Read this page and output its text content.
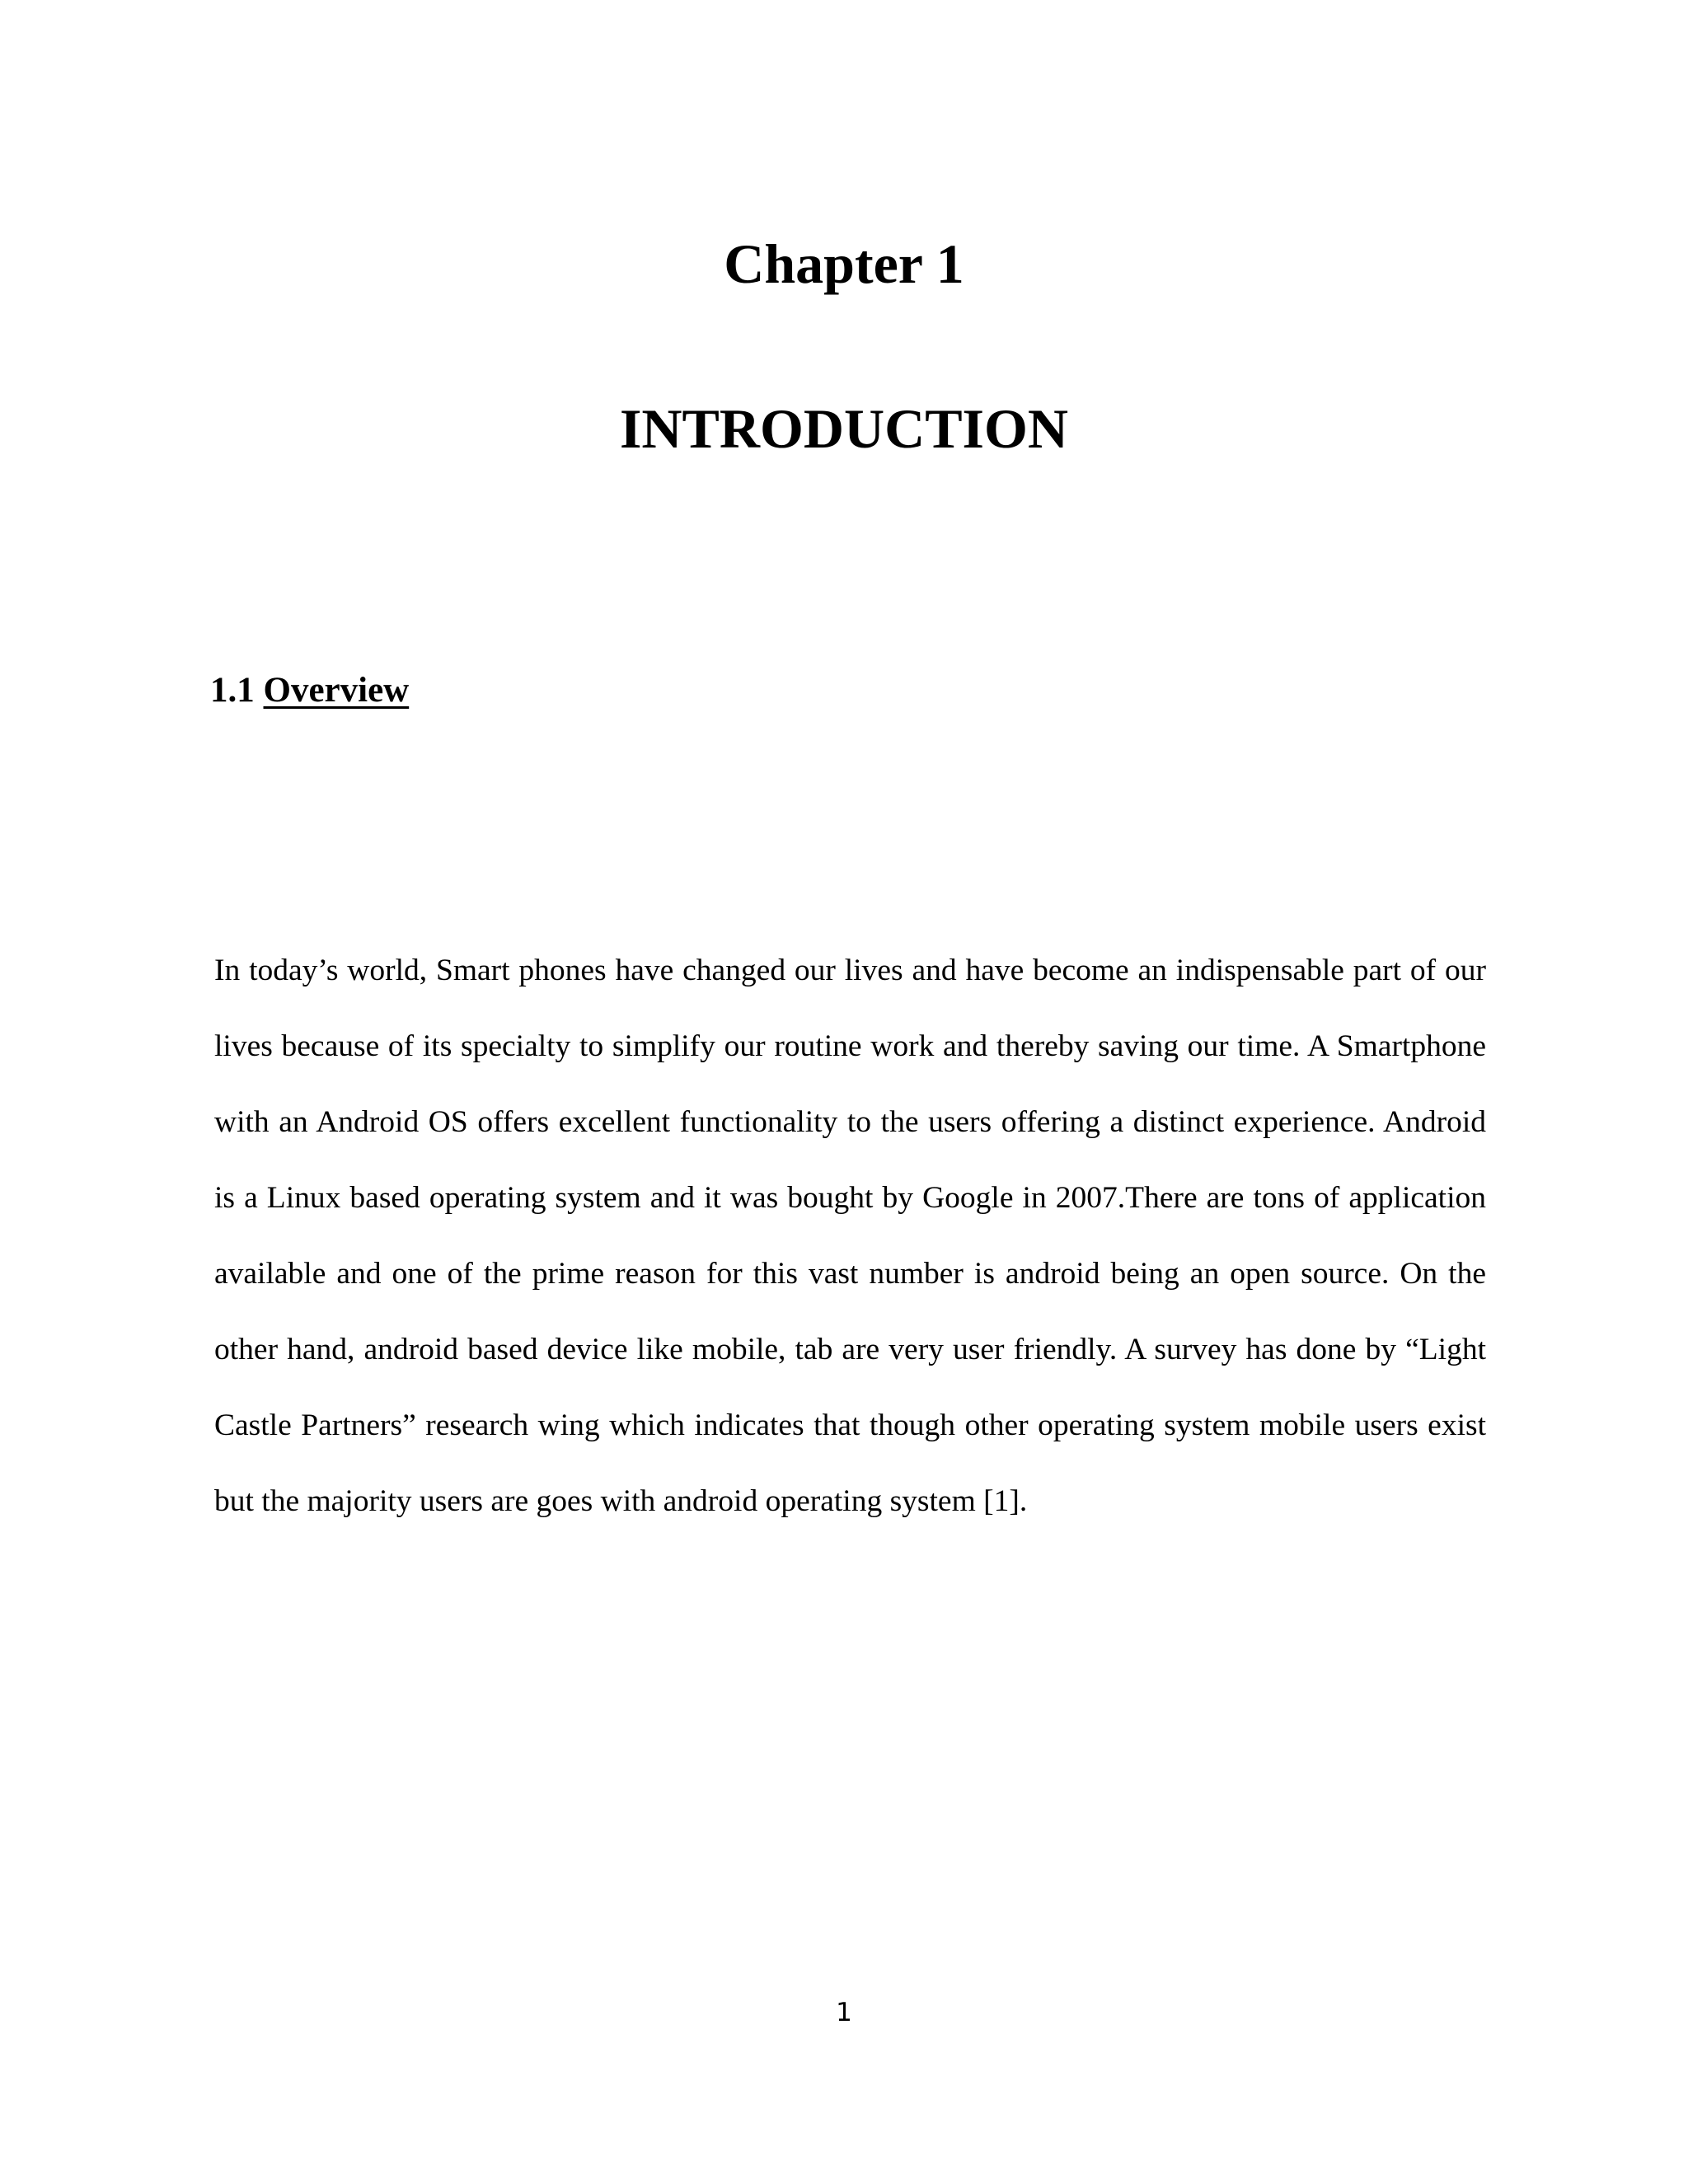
Chapter 1
INTRODUCTION
1.1 Overview

In today’s world, Smart phones have changed our lives and have become an indispensable part of our lives because of its specialty to simplify our routine work and thereby saving our time. A Smartphone with an Android OS offers excellent functionality to the users offering a distinct experience. Android is a Linux based operating system and it was bought by Google in 2007.There are tons of application available and one of the prime reason for this vast number is android being an open source. On the other hand, android based device like mobile, tab are very user friendly. A survey has done by “Light Castle Partners” research wing which indicates that though other operating system mobile users exist but the majority users are goes with android operating system [1].

1
